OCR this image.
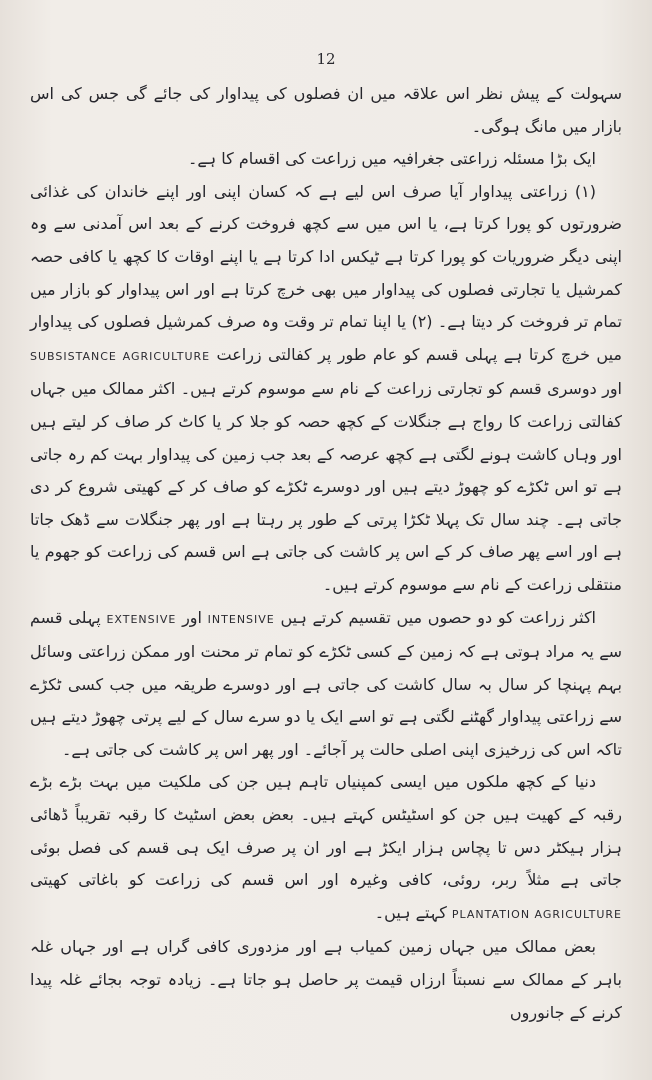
12

سہولت کے پیش نظر اس علاقہ میں ان فصلوں کی پیداوار کی جائے گی جس کی اس بازار میں مانگ ہوگی۔

ایک بڑا مسئلہ زراعتی جغرافیہ میں زراعت کی اقسام کا ہے۔

(۱) زراعتی پیداوار آیا صرف اس لیے ہے کہ کسان اپنی اور اپنے خاندان کی غذائی ضرورتوں کو پورا کرتا ہے، یا اس میں سے کچھ فروخت کرنے کے بعد اس آمدنی سے وہ اپنی دیگر ضروریات کو پورا کرتا ہے ٹیکس ادا کرتا ہے یا اپنے اوقات کا کچھ یا کافی حصہ کمرشیل یا تجارتی فصلوں کی پیداوار میں بھی خرچ کرتا ہے اور اس پیداوار کو بازار میں تمام تر فروخت کر دیتا ہے۔ (۲) یا اپنا تمام تر وقت وہ صرف کمرشیل فصلوں کی پیداوار میں خرچ کرتا ہے پہلی قسم کو عام طور پر کفالتی زراعت SUBSISTANCE AGRICULTURE اور دوسری قسم کو تجارتی زراعت کے نام سے موسوم کرتے ہیں۔ اکثر ممالک میں جہاں کفالتی زراعت کا رواج ہے جنگلات کے کچھ حصہ کو جلا کر یا کاٹ کر صاف کر لیتے ہیں اور وہاں کاشت ہونے لگتی ہے کچھ عرصہ کے بعد جب زمین کی پیداوار بہت کم رہ جاتی ہے تو اس ٹکڑے کو چھوڑ دیتے ہیں اور دوسرے ٹکڑے کو صاف کر کے کھیتی شروع کر دی جاتی ہے۔ چند سال تک پہلا ٹکڑا پرتی کے طور پر رہتا ہے اور پھر جنگلات سے ڈھک جاتا ہے اور اسے پھر صاف کر کے اس پر کاشت کی جاتی ہے اس قسم کی زراعت کو جھوم یا منتقلی زراعت کے نام سے موسوم کرتے ہیں۔

اکثر زراعت کو دو حصوں میں تقسیم کرتے ہیں INTENSIVE اور EXTENSIVE پہلی قسم سے یہ مراد ہوتی ہے کہ زمین کے کسی ٹکڑے کو تمام تر محنت اور ممکن زراعتی وسائل بہم پہنچا کر سال بہ سال کاشت کی جاتی ہے اور دوسرے طریقہ میں جب کسی ٹکڑے سے زراعتی پیداوار گھٹنے لگتی ہے تو اسے ایک یا دو سرے سال کے لیے پرتی چھوڑ دیتے ہیں تاکہ اس کی زرخیزی اپنی اصلی حالت پر آجائے۔ اور پھر اس پر کاشت کی جاتی ہے۔

دنیا کے کچھ ملکوں میں ایسی کمپنیاں تاہم ہیں جن کی ملکیت میں بہت بڑے بڑے رقبہ کے کھیت ہیں جن کو اسٹیٹس کہتے ہیں۔ بعض بعض اسٹیٹ کا رقبہ تقریباً ڈھائی ہزار ہیکٹر دس تا پچاس ہزار ایکڑ ہے اور ان پر صرف ایک ہی قسم کی فصل بوئی جاتی ہے مثلاً ربر، روئی، کافی وغیرہ اور اس قسم کی زراعت کو باغاتی کھیتی PLANTATION AGRICULTURE کہتے ہیں۔

بعض ممالک میں جہاں زمین کمیاب ہے اور مزدوری کافی گراں ہے اور جہاں غلہ باہر کے ممالک سے نسبتاً ارزاں قیمت پر حاصل ہو جاتا ہے۔ زیادہ توجہ بجائے غلہ پیدا کرنے کے جانوروں
